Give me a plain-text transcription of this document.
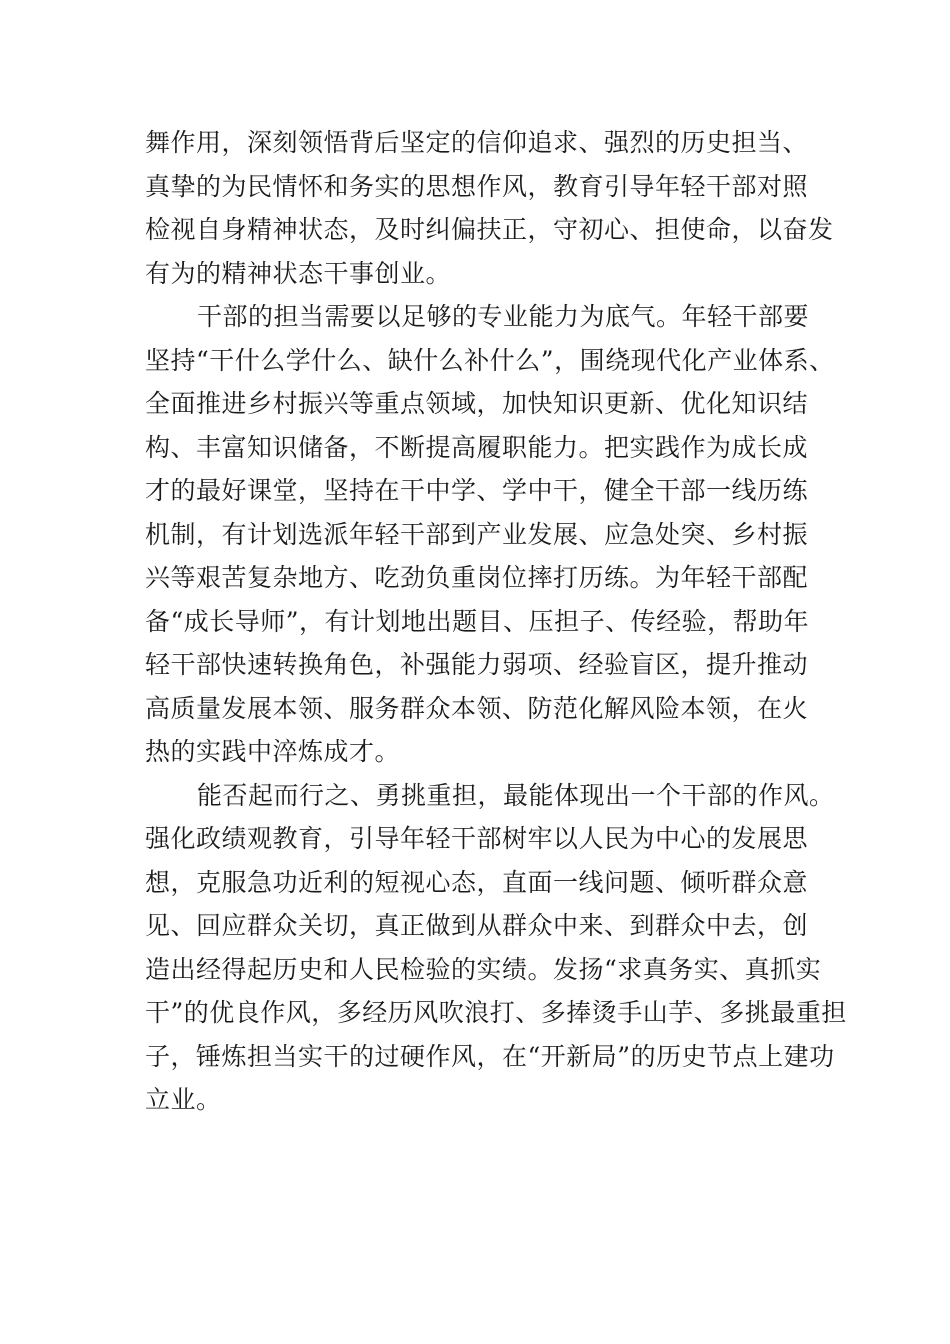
舞作用，深刻领悟背后坚定的信仰追求、强烈的历史担当、
真挚的为民情怀和务实的思想作风，教育引导年轻干部对照
检视自身精神状态，及时纠偏扶正，守初心、担使命，以奋发
有为的精神状态干事创业。
干部的担当需要以足够的专业能力为底气。年轻干部要
坚持“干什么学什么、缺什么补什么”，围绕现代化产业体系、
全面推进乡村振兴等重点领域，加快知识更新、优化知识结
构、丰富知识储备，不断提高履职能力。把实践作为成长成
才的最好课堂，坚持在干中学、学中干，健全干部一线历练
机制，有计划选派年轻干部到产业发展、应急处突、乡村振
兴等艰苦复杂地方、吃劲负重岗位摔打历练。为年轻干部配
备“成长导师”，有计划地出题目、压担子、传经验，帮助年
轻干部快速转换角色，补强能力弱项、经验盲区，提升推动
高质量发展本领、服务群众本领、防范化解风险本领，在火
热的实践中淬炼成才。
能否起而行之、勇挑重担，最能体现出一个干部的作风。
强化政绩观教育，引导年轻干部树牢以人民为中心的发展思
想，克服急功近利的短视心态，直面一线问题、倾听群众意
见、回应群众关切，真正做到从群众中来、到群众中去，创
造出经得起历史和人民检验的实绩。发扬“求真务实、真抓实
干”的优良作风，多经历风吹浪打、多捧烫手山芋、多挑最重担
子，锤炼担当实干的过硬作风，在“开新局”的历史节点上建功
立业。
